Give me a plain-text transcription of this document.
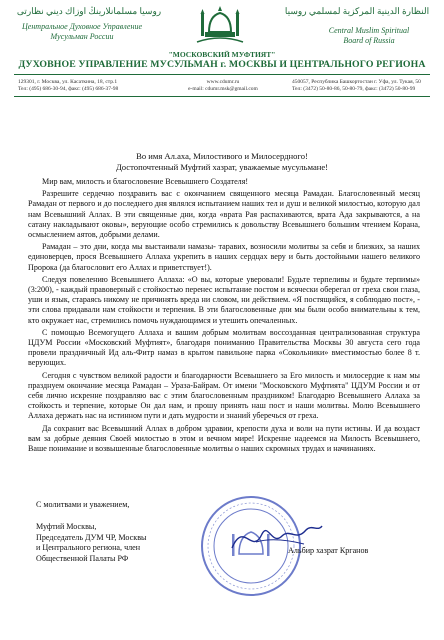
روسيا مسلمانلارينڭ اوزاك ديني نظارتى
Центральное Духовное Управление
Мусульман России
النظارة الدينية المركزية لمسلمي روسيا
Central Muslim Spiritual
Board of Russia
"МОСКОВСКИЙ МУФТИЯТ"
ДУХОВНОЕ УПРАВЛЕНИЕ МУСУЛЬМАН г. МОСКВЫ И ЦЕНТРАЛЬНОГО РЕГИОНА
129301, г. Москва, ул. Касаткина, 18, стр.1
Тел: (495) 686-30-94, факс: (495) 686-37-98
www.cdumr.ru
e-mail: cdumr.msk@gmail.com
450057, Республика Башкортостан г. Уфа, ул. Тукая, 50
Тел: (3472) 50-80-86, 50-80-79, факс: (3472) 50-80-99
Во имя Ал.аха, Милостивого и Милосердного!
Достопочтенный Муфтий хазрат, уважаемые мусульмане!

Мир вам, милость и благословение Всевышнего Создателя!

Разрешите сердечно поздравить вас с окончанием священного месяца Рамадан. Благословенный месяц Рамадан от первого и до последнего дня являлся испытанием наших тел и душ и великой милостью, которую дал нам Всевышний Аллах. В эти священные дни, когда «врата Рая распахиваются, врата Ада закрываются, а на сатану накладывают оковы», верующие особо стремились к довольству Всевышнего большим чтением Корана, осмыслением аятов, добрыми делами.

Рамадан – это дни, когда мы выстаивали намазы- таравих, возносили молитвы за себя и близких, за наших единоверцев, прося Всевышнего Аллаха укрепить в наших сердцах веру и быть достойными нашего великого Пророка (да благословит его Аллах и приветствует!).

Следуя повелению Всевышнего Аллаха: «О вы, которые уверовали! Будьте терпеливы и будьте терпимы» (3:200), - каждый правоверный с стойкостью перенес испытание постом и всячески оберегал от греха свои глаза, уши и язык, стараясь никому не причинять вреда ни словом, ни действием. «Я постящийся, я соблюдаю пост», - эти слова придавали нам стойкости и терпения. В эти благословенные дни мы были особо внимательны к тем, кто окружает нас, стремились помочь нуждающимся и утешить опечаленных.

С помощью Всемогущего Аллаха и вашим добрым молитвам воссозданная централизованная структура ЦДУМ России «Московский Муфтият», благодаря пониманию Правительства Москвы 30 августа сего года провели праздничный Ид аль-Фитр намаз в крытом павильоне парка «Сокольники» вместимостью более 8 т. верующих.

Сегодня с чувством великой радости и благодарности Всевышнего за Его милость и милосердие к нам мы празднуем окончание месяца Рамадан – Ураза-Байрам. От имени "Московского Муфтията" ЦДУМ России и от себя лично искренне поздравляю вас с этим благословенным праздником! Благодарю Всевышнего Аллаха за стойкость и терпение, которые Он дал нам, и прошу принять наш пост и наши молитвы. Молю Всевышнего Аллаха держать нас на истинном пути и дать мудрости и знаний уберечься от греха.

Да сохранит вас Всевышний Аллах в добром здравии, крепости духа и воли на пути истины. И да воздаст вам за добрые деяния Своей милостью в этом и вечном мире! Искренне надеемся на Милость Всевышнего, Ваше понимание и возвышенные благословенные молитвы о наших скромных трудах и начинаниях.

С молитвами и уважением,
Муфтий Москвы,
Председатель ДУМ ЧР, Москвы
и Центрального региона, член
Общественной Палаты РФ
Альбир хазрат Крганов
